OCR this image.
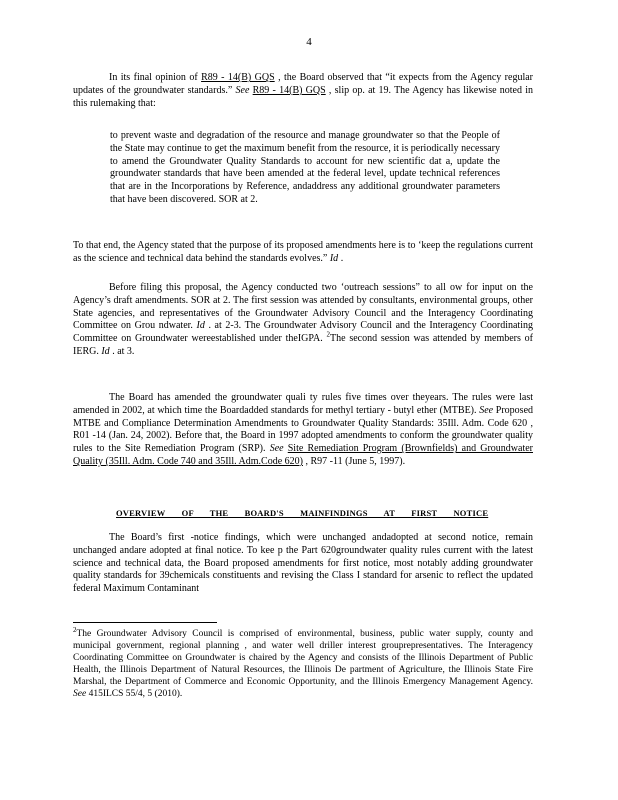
4
In its final opinion of R89 - 14(B) GQS , the Board observed that “it expects from the Agency regular updates of the groundwater standards.” See R89 - 14(B) GQS , slip op. at 19. The Agency has likewise noted in this rulemaking that:
to prevent waste and degradation of the resource and manage groundwater so that the People of the State may continue to get the maximum benefit from the resource, it is periodically necessary to amend the Groundwater Quality Standards to account for new scientific dat a, update the groundwater standards that have been amended at the federal level, update technical references that are in the Incorporations by Reference, andaddress any additional groundwater parameters that have been discovered. SOR at 2.
To that end, the Agency stated that the purpose of its proposed amendments here is to ‘keep the regulations current as the science and technical data behind the standards evolves.” Id .
Before filing this proposal, the Agency conducted two ‘outreach sessions” to all ow for input on the Agency’s draft amendments. SOR at 2. The first session was attended by consultants, environmental groups, other State agencies, and representatives of the Groundwater Advisory Council and the Interagency Coordinating Committee on Grou ndwater. Id . at 2-3. The Groundwater Advisory Council and the Interagency Coordinating Committee on Groundwater wereestablished under theIGPA. $^2$The second session was attended by members of IERG. Id . at 3.
The Board has amended the groundwater quali ty rules five times over theyears. The rules were last amended in 2002, at which time the Boardadded standards for methyl tertiary - butyl ether (MTBE). See Proposed MTBE and Compliance Determination Amendments to Groundwater Quality Standards: 35Ill. Adm. Code 620 , R01 -14 (Jan. 24, 2002). Before that, the Board in 1997 adopted amendments to conform the groundwater quality rules to the Site Remediation Program (SRP). See Site Remediation Program (Brownfields) and Groundwater Quality (35Ill. Adm. Code 740 and 35Ill. Adm.Code 620) , R97 -11 (June 5, 1997).
OVERVIEW OF THE BOARD'S MAINFINDINGS AT FIRST NOTICE
The Board’s first -notice findings, which were unchanged andadopted at second notice, remain unchanged andare adopted at final notice. To kee p the Part 620groundwater quality rules current with the latest science and technical data, the Board proposed amendments for first notice, most notably adding groundwater quality standards for 39chemicals constituents and revising the Class I standard for arsenic to reflect the updated federal Maximum Contaminant
$^2$The Groundwater Advisory Council is comprised of environmental, business, public water supply, county and municipal government, regional planning , and water well driller interest grouprepresentatives. The Interagency Coordinating Committee on Groundwater is chaired by the Agency and consists of the Illinois Department of Public Health, the Illinois Department of Natural Resources, the Illinois De partment of Agriculture, the Illinois State Fire Marshal, the Department of Commerce and Economic Opportunity, and the Illinois Emergency Management Agency. See 415ILCS 55/4, 5 (2010).
